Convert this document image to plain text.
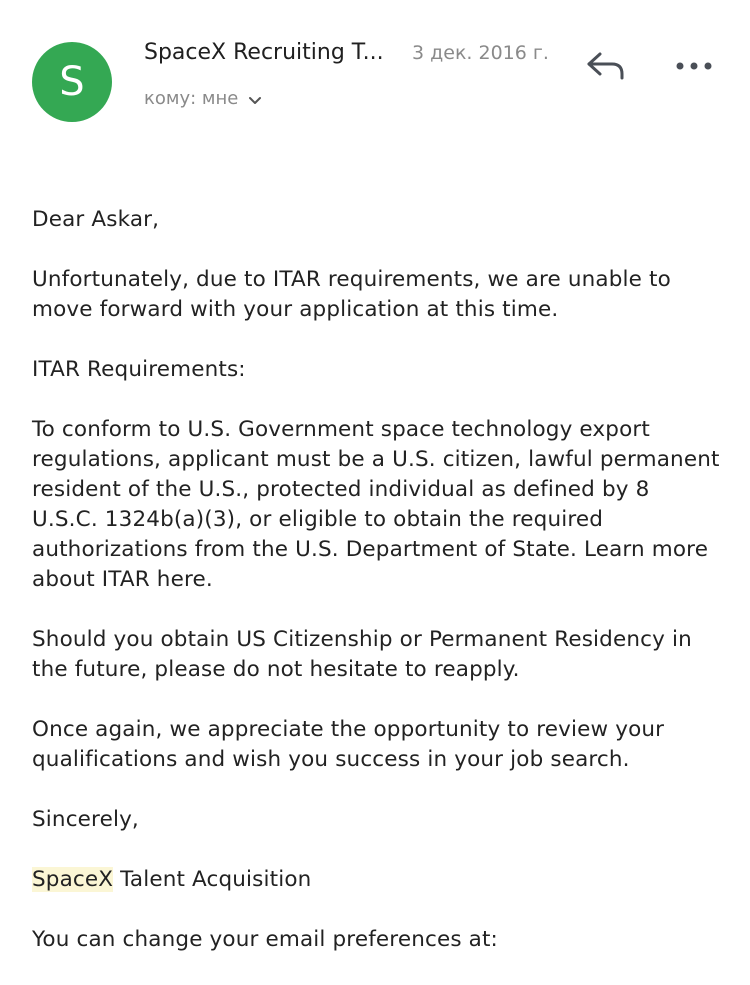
S
SpaceX Recruiting T...	3 дек. 2016 г.
кому: мне

Dear Askar,

Unfortunately, due to ITAR requirements, we are unable to move forward with your application at this time.

ITAR Requirements:

To conform to U.S. Government space technology export regulations, applicant must be a U.S. citizen, lawful permanent resident of the U.S., protected individual as defined by 8 U.S.C. 1324b(a)(3), or eligible to obtain the required authorizations from the U.S. Department of State. Learn more about ITAR here.

Should you obtain US Citizenship or Permanent Residency in the future, please do not hesitate to reapply.

Once again, we appreciate the opportunity to review your qualifications and wish you success in your job search.

Sincerely,

SpaceX Talent Acquisition

You can change your email preferences at:
